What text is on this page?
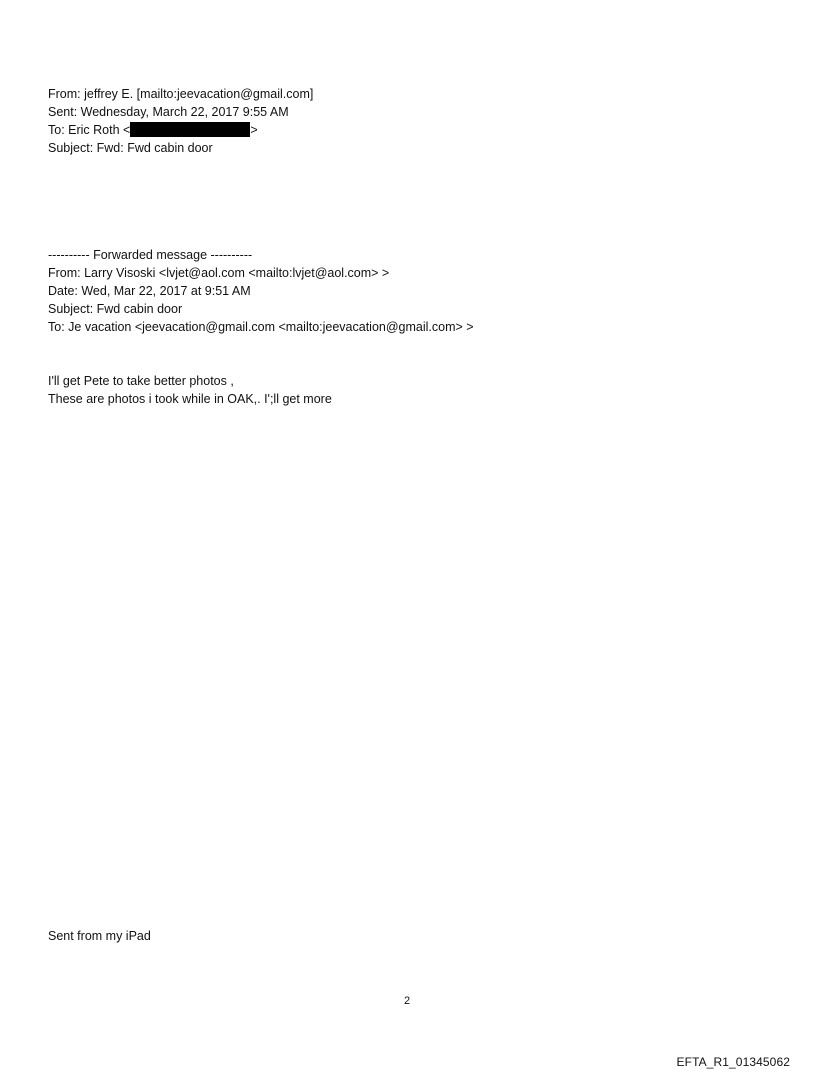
From: jeffrey E. [mailto:jeevacation@gmail.com]
Sent: Wednesday, March 22, 2017 9:55 AM
To: Eric Roth <	>
Subject: Fwd: Fwd cabin door
---------- Forwarded message ----------
From: Larry Visoski <lvjet@aol.com <mailto:lvjet@aol.com> >
Date: Wed, Mar 22, 2017 at 9:51 AM
Subject: Fwd cabin door
To: Je vacation <jeevacation@gmail.com <mailto:jeevacation@gmail.com> >
I'll get Pete to take better photos ,
These are photos i took while in OAK,. I';ll get more
Sent from my iPad
2
EFTA_R1_01345062
